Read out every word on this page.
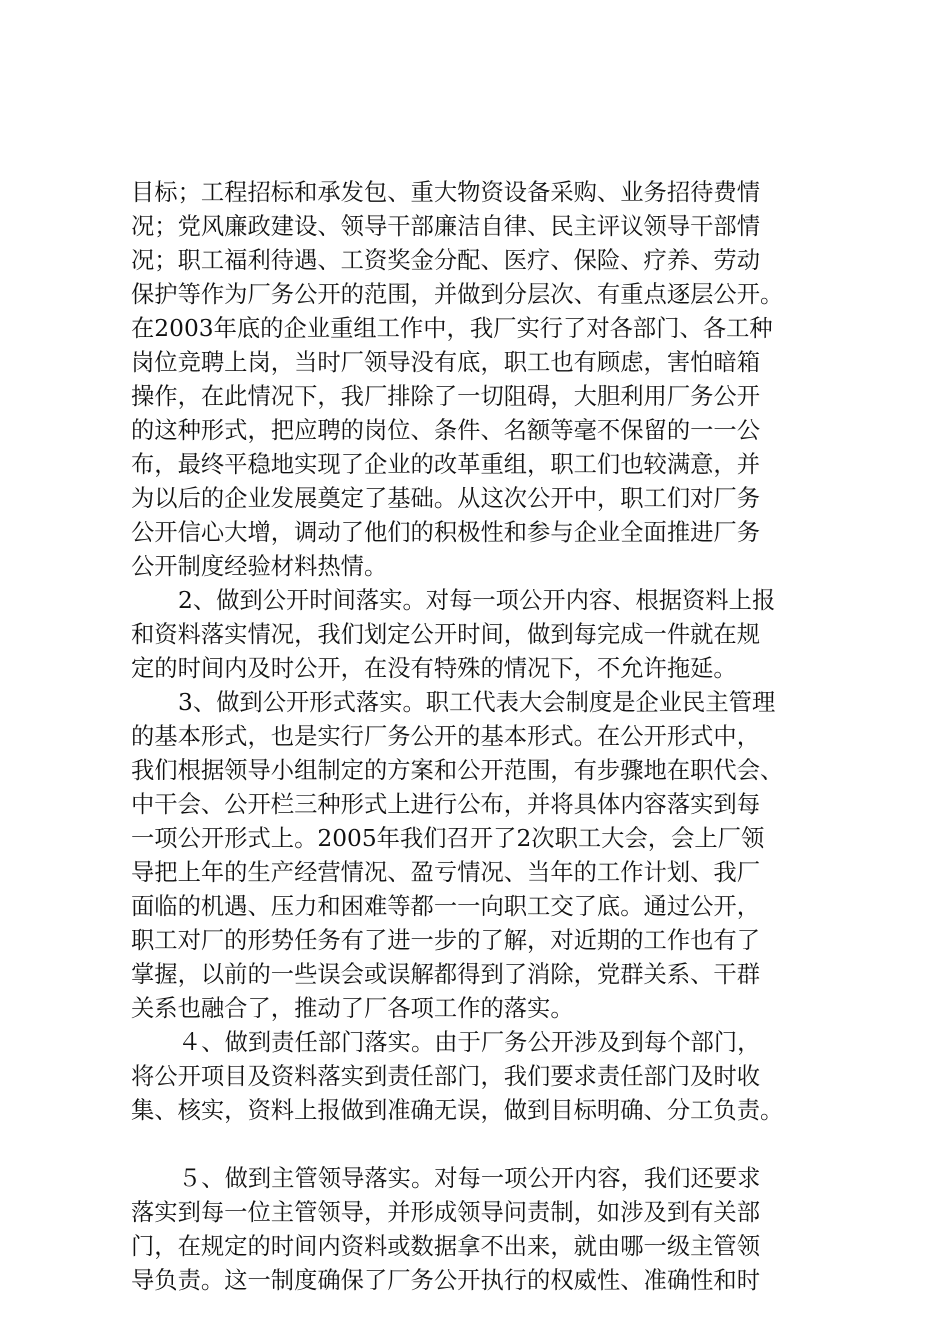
目标；工程招标和承发包、重大物资设备采购、业务招待费情
况；党风廉政建设、领导干部廉洁自律、民主评议领导干部情
况；职工福利待遇、工资奖金分配、医疗、保险、疗养、劳动
保护等作为厂务公开的范围，并做到分层次、有重点逐层公开。
在2003年底的企业重组工作中，我厂实行了对各部门、各工种
岗位竞聘上岗，当时厂领导没有底，职工也有顾虑，害怕暗箱
操作，在此情况下，我厂排除了一切阻碍，大胆利用厂务公开
的这种形式，把应聘的岗位、条件、名额等毫不保留的一一公
布，最终平稳地实现了企业的改革重组，职工们也较满意，并
为以后的企业发展奠定了基础。从这次公开中，职工们对厂务
公开信心大增，调动了他们的积极性和参与企业全面推进厂务
公开制度经验材料热情。
2、做到公开时间落实。对每一项公开内容、根据资料上报
和资料落实情况，我们划定公开时间，做到每完成一件就在规
定的时间内及时公开，在没有特殊的情况下，不允许拖延。
3、做到公开形式落实。职工代表大会制度是企业民主管理
的基本形式，也是实行厂务公开的基本形式。在公开形式中，
我们根据领导小组制定的方案和公开范围，有步骤地在职代会、
中干会、公开栏三种形式上进行公布，并将具体内容落实到每
一项公开形式上。2005年我们召开了2次职工大会，会上厂领
导把上年的生产经营情况、盈亏情况、当年的工作计划、我厂
面临的机遇、压力和困难等都一一向职工交了底。通过公开，
职工对厂的形势任务有了进一步的了解，对近期的工作也有了
掌握，以前的一些误会或误解都得到了消除，党群关系、干群
关系也融合了，推动了厂各项工作的落实。
４、做到责任部门落实。由于厂务公开涉及到每个部门，
将公开项目及资料落实到责任部门，我们要求责任部门及时收
集、核实，资料上报做到准确无误，做到目标明确、分工负责。
５、做到主管领导落实。对每一项公开内容，我们还要求
落实到每一位主管领导，并形成领导问责制，如涉及到有关部
门，在规定的时间内资料或数据拿不出来，就由哪一级主管领
导负责。这一制度确保了厂务公开执行的权威性、准确性和时
